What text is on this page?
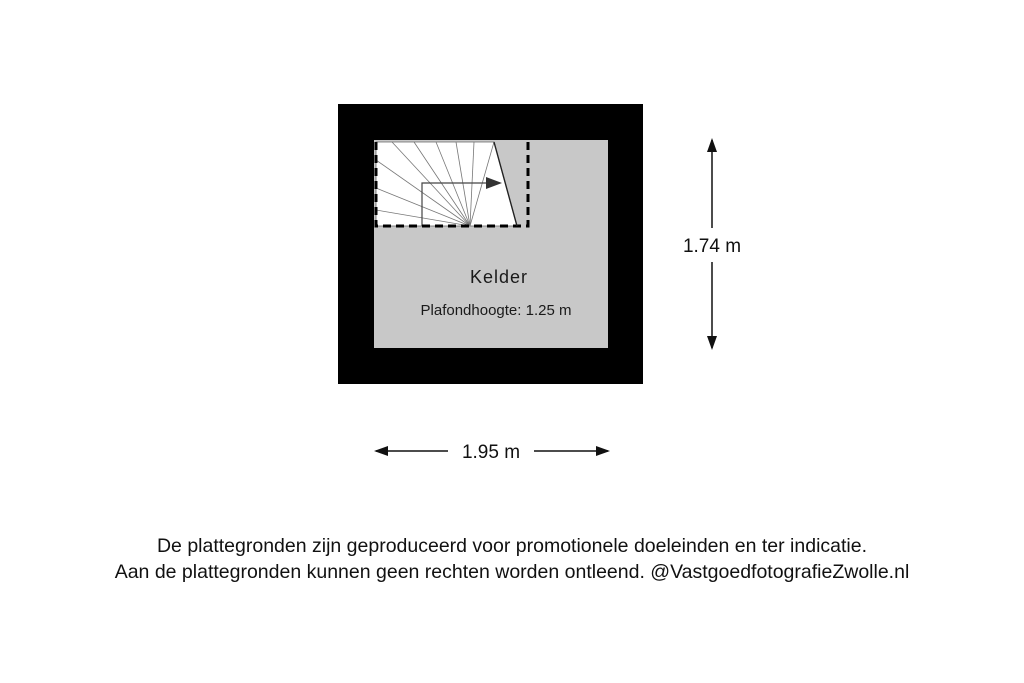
Kelder
Plafondhoogte: 1.25 m
1.74 m
1.95 m
De plattegronden zijn geproduceerd voor promotionele doeleinden en ter indicatie.
Aan de plattegronden kunnen geen rechten worden ontleend. @VastgoedfotografieZwolle.nl
